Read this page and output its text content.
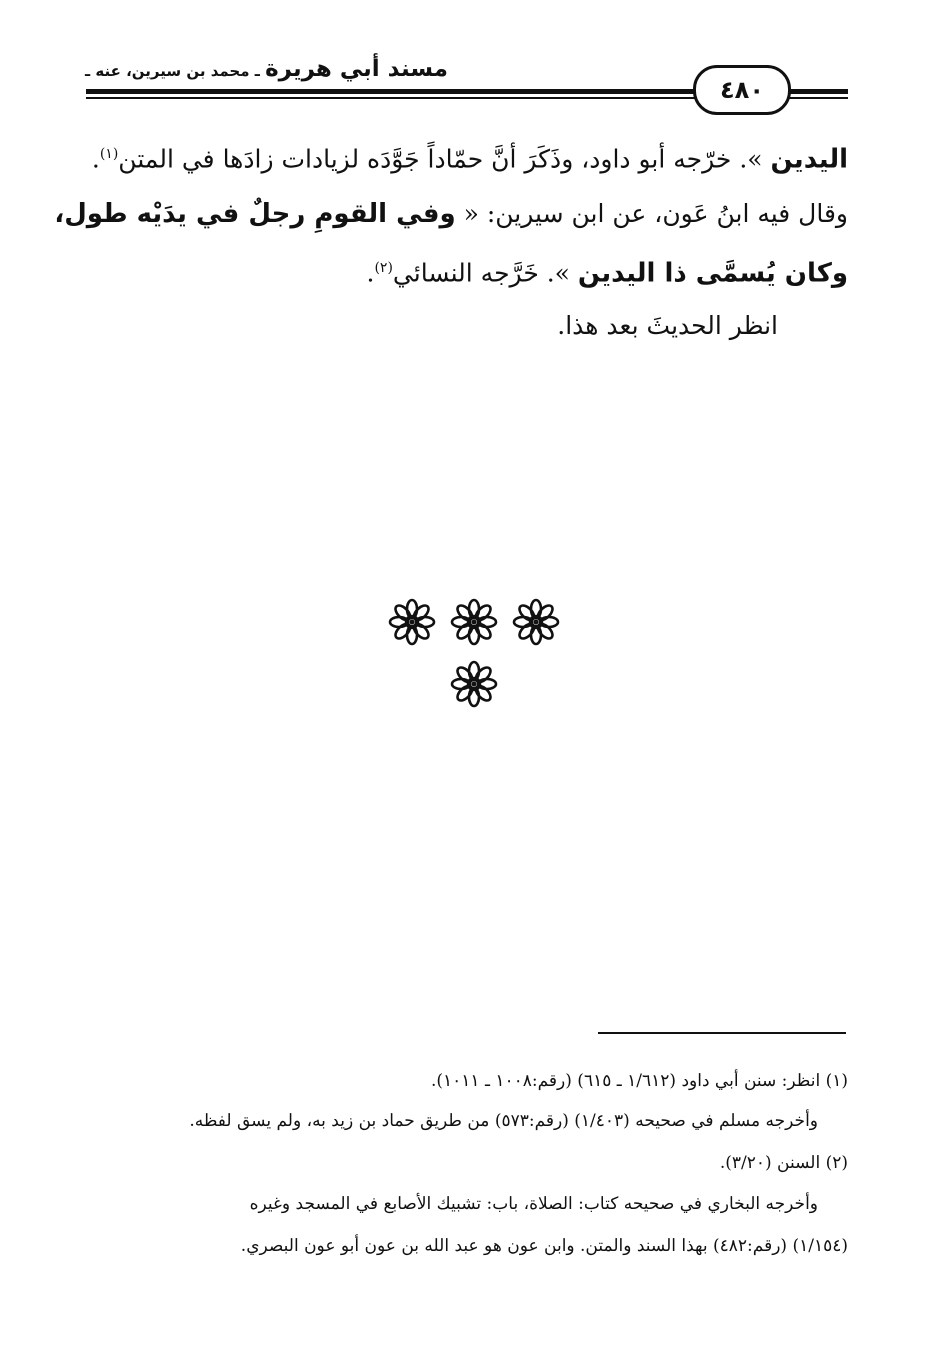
مسند أبي هريرة ـ محمد بن سيرين، عنه ـ
٤٨٠
اليدين ». خرّجه أبو داود، وذَكَرَ أنَّ حمّاداً جَوَّدَه لزيادات زادَها في المتن$^{(١)}$.
وقال فيه ابنُ عَون، عن ابن سيرين: « وفي القومِ رجلٌ في يدَيْه طول،
وكان يُسمَّى ذا اليدين ». خَرَّجه النسائي$^{(٢)}$.
انظر الحديثَ بعد هذا.
(١) انظر: سنن أبي داود (١/٦١٢ ـ ٦١٥) (رقم:١٠٠٨ ـ ١٠١١).
وأخرجه مسلم في صحيحه (١/٤٠٣) (رقم:٥٧٣) من طريق حماد بن زيد به، ولم يسق لفظه.
(٢) السنن (٣/٢٠).
وأخرجه البخاري في صحيحه كتاب: الصلاة، باب: تشبيك الأصابع في المسجد وغيره
(١/١٥٤) (رقم:٤٨٢) بهذا السند والمتن. وابن عون هو عبد الله بن عون أبو عون البصري.
